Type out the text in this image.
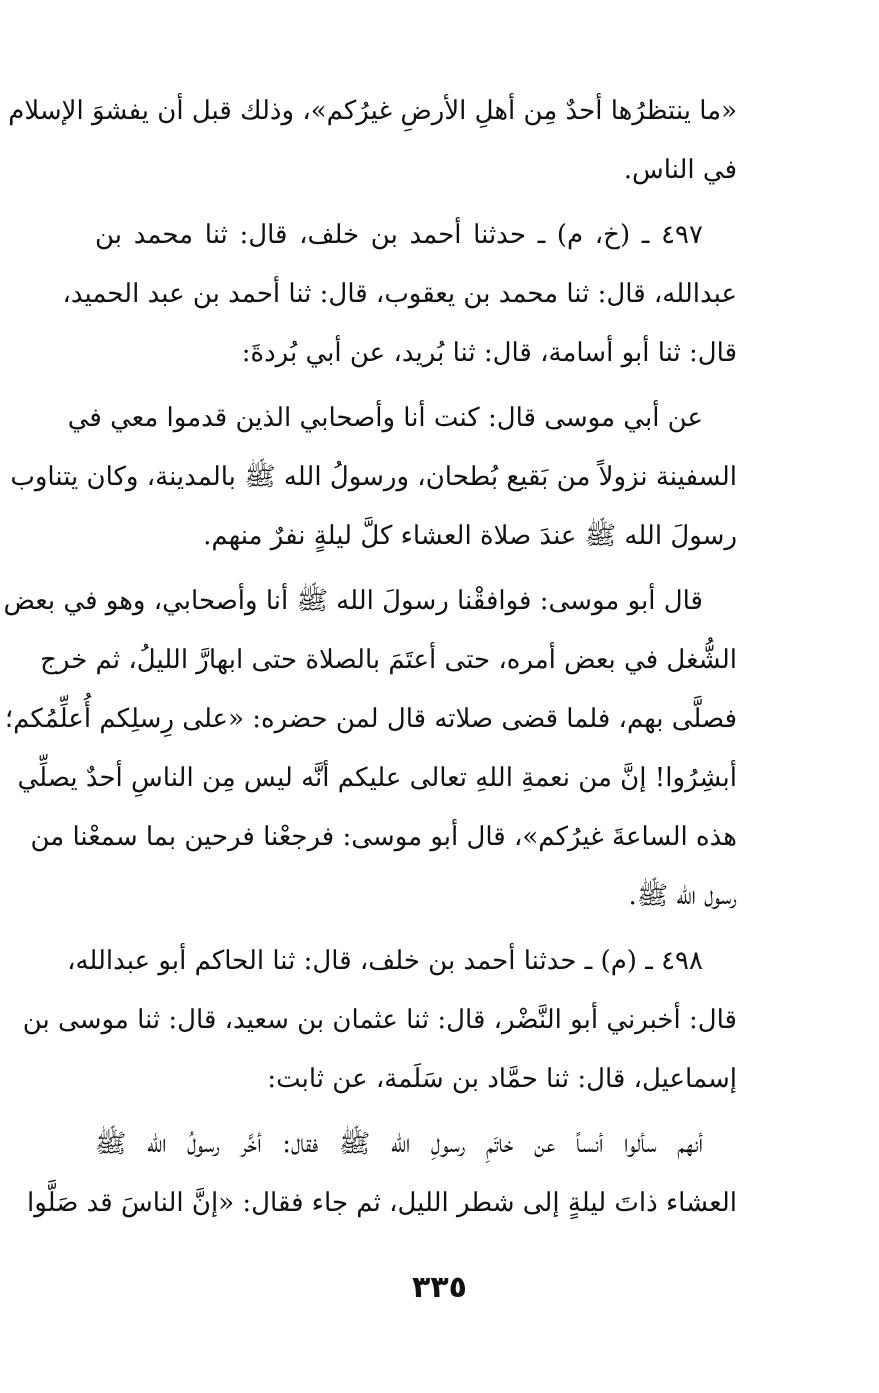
«ما ينتظرُها أحدٌ مِن أهلِ الأرضِ غيرُكم»، وذلك قبل أن يفشوَ الإسلام
في الناس.
٤٩٧ ـ (خ، م) ـ حدثنا أحمد بن خلف، قال: ثنا محمد بن
عبدالله، قال: ثنا محمد بن يعقوب، قال: ثنا أحمد بن عبد الحميد،
قال: ثنا أبو أسامة، قال: ثنا بُريد، عن أبي بُردةَ:
عن أبي موسى قال: كنت أنا وأصحابي الذين قدموا معي في
السفينة نزولاً من بَقيع بُطحان، ورسولُ الله ﷺ بالمدينة، وكان يتناوب
رسولَ الله ﷺ عندَ صلاة العشاء كلَّ ليلةٍ نفرٌ منهم.
قال أبو موسى: فوافقْنا رسولَ الله ﷺ أنا وأصحابي، وهو في بعض
الشُّغل في بعض أمره، حتى أعتَمَ بالصلاة حتى ابهارَّ الليلُ، ثم خرج
فصلَّى بهم، فلما قضى صلاته قال لمن حضره: «على رِسلِكم أُعلِّمُكم؛
أبشِرُوا! إنَّ من نعمةِ اللهِ تعالى عليكم أنَّه ليس مِن الناسِ أحدٌ يصلِّي
هذه الساعةَ غيرُكم»، قال أبو موسى: فرجعْنا فرحين بما سمعْنا من
رسول الله ﷺ.
٤٩٨ ـ (م) ـ حدثنا أحمد بن خلف، قال: ثنا الحاكم أبو عبدالله،
قال: أخبرني أبو النَّضْر، قال: ثنا عثمان بن سعيد، قال: ثنا موسى بن
إسماعيل، قال: ثنا حمَّاد بن سَلَمة، عن ثابت:
أنهم سألوا أنساً عن خاتَمِ رسولِ الله ﷺ فقال: أخَّر رسولُ الله ﷺ
العشاء ذاتَ ليلةٍ إلى شطر الليل، ثم جاء فقال: «إنَّ الناسَ قد صَلَّوا
٣٣٥
